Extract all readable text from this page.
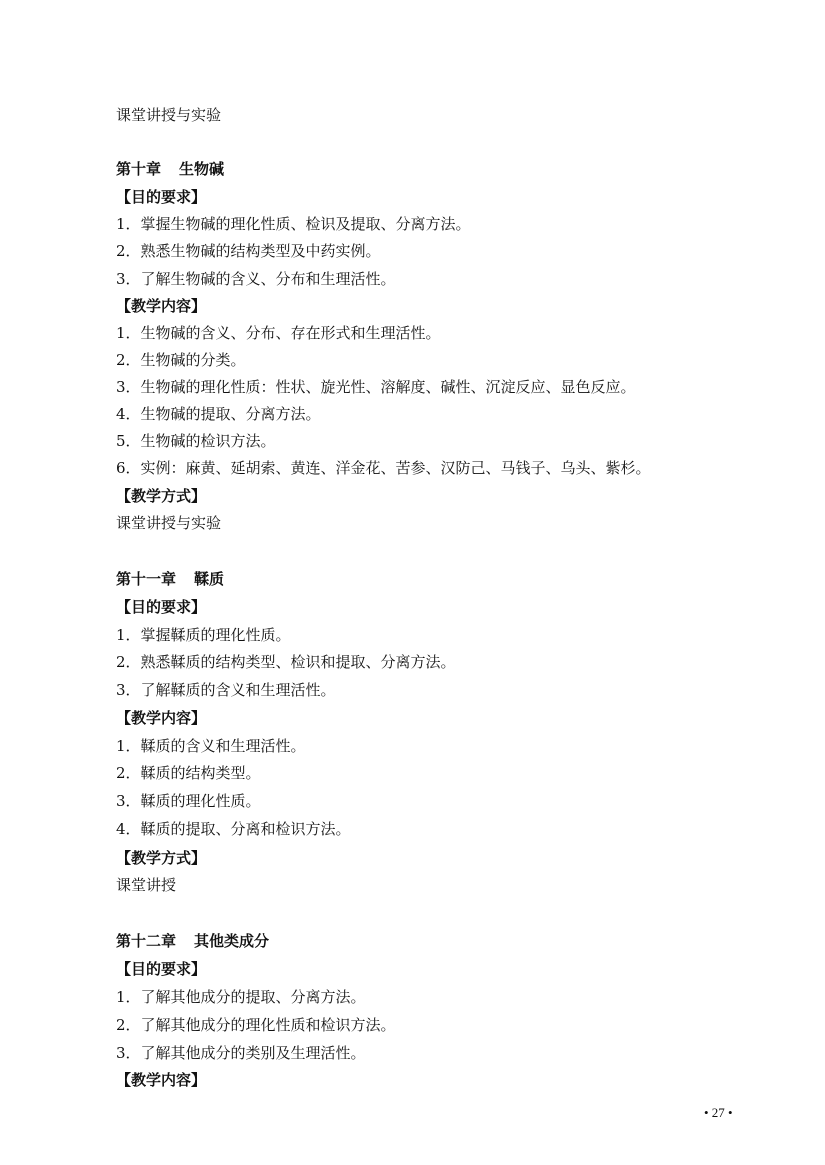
课堂讲授与实验
第十章 生物碱
【目的要求】
1．掌握生物碱的理化性质、检识及提取、分离方法。
2．熟悉生物碱的结构类型及中药实例。
3．了解生物碱的含义、分布和生理活性。
【教学内容】
1．生物碱的含义、分布、存在形式和生理活性。
2．生物碱的分类。
3．生物碱的理化性质：性状、旋光性、溶解度、碱性、沉淀反应、显色反应。
4．生物碱的提取、分离方法。
5．生物碱的检识方法。
6．实例：麻黄、延胡索、黄连、洋金花、苦参、汉防己、马钱子、乌头、紫杉。
【教学方式】
课堂讲授与实验
第十一章 鞣质
【目的要求】
1．掌握鞣质的理化性质。
2．熟悉鞣质的结构类型、检识和提取、分离方法。
3．了解鞣质的含义和生理活性。
【教学内容】
1．鞣质的含义和生理活性。
2．鞣质的结构类型。
3．鞣质的理化性质。
4．鞣质的提取、分离和检识方法。
【教学方式】
课堂讲授
第十二章 其他类成分
【目的要求】
1．了解其他成分的提取、分离方法。
2．了解其他成分的理化性质和检识方法。
3．了解其他成分的类别及生理活性。
【教学内容】
• 27 •
